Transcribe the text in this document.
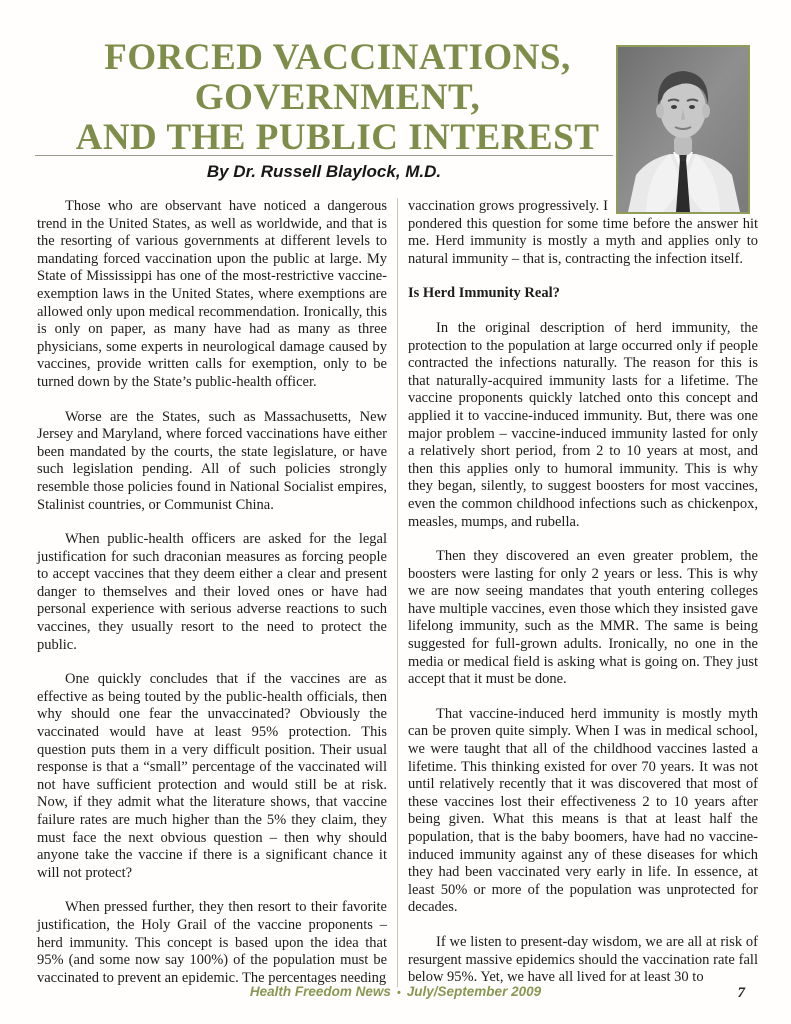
FORCED VACCINATIONS,
GOVERNMENT,
AND THE PUBLIC INTEREST
By Dr. Russell Blaylock, M.D.

Those who are observant have noticed a dangerous trend in the United States, as well as worldwide, and that is the resorting of various governments at different levels to mandating forced vaccination upon the public at large. My State of Mississippi has one of the most-restrictive vaccine-exemption laws in the United States, where exemptions are allowed only upon medical recommendation. Ironically, this is only on paper, as many have had as many as three physicians, some experts in neurological damage caused by vaccines, provide written calls for exemption, only to be turned down by the State’s public-health officer.

Worse are the States, such as Massachusetts, New Jersey and Maryland, where forced vaccinations have either been mandated by the courts, the state legislature, or have such legislation pending. All of such policies strongly resemble those policies found in National Socialist empires, Stalinist countries, or Communist China.

When public-health officers are asked for the legal justification for such draconian measures as forcing people to accept vaccines that they deem either a clear and present danger to themselves and their loved ones or have had personal experience with serious adverse reactions to such vaccines, they usually resort to the need to protect the public.

One quickly concludes that if the vaccines are as effective as being touted by the public-health officials, then why should one fear the unvaccinated? Obviously the vaccinated would have at least 95% protection. This question puts them in a very difficult position. Their usual response is that a “small” percentage of the vaccinated will not have sufficient protection and would still be at risk. Now, if they admit what the literature shows, that vaccine failure rates are much higher than the 5% they claim, they must face the next obvious question – then why should anyone take the vaccine if there is a significant chance it will not protect?

When pressed further, they then resort to their favorite justification, the Holy Grail of the vaccine proponents – herd immunity. This concept is based upon the idea that 95% (and some now say 100%) of the population must be vaccinated to prevent an epidemic. The percentages needing

vaccination grows progressively. I pondered this question for some time before the answer hit me. Herd immunity is mostly a myth and applies only to natural immunity – that is, contracting the infection itself.

Is Herd Immunity Real?

In the original description of herd immunity, the protection to the population at large occurred only if people contracted the infections naturally. The reason for this is that naturally-acquired immunity lasts for a lifetime. The vaccine proponents quickly latched onto this concept and applied it to vaccine-induced immunity. But, there was one major problem – vaccine-induced immunity lasted for only a relatively short period, from 2 to 10 years at most, and then this applies only to humoral immunity. This is why they began, silently, to suggest boosters for most vaccines, even the common childhood infections such as chickenpox, measles, mumps, and rubella.

Then they discovered an even greater problem, the boosters were lasting for only 2 years or less. This is why we are now seeing mandates that youth entering colleges have multiple vaccines, even those which they insisted gave lifelong immunity, such as the MMR. The same is being suggested for full-grown adults. Ironically, no one in the media or medical field is asking what is going on. They just accept that it must be done.

That vaccine-induced herd immunity is mostly myth can be proven quite simply. When I was in medical school, we were taught that all of the childhood vaccines lasted a lifetime. This thinking existed for over 70 years. It was not until relatively recently that it was discovered that most of these vaccines lost their effectiveness 2 to 10 years after being given. What this means is that at least half the population, that is the baby boomers, have had no vaccine-induced immunity against any of these diseases for which they had been vaccinated very early in life. In essence, at least 50% or more of the population was unprotected for decades.

If we listen to present-day wisdom, we are all at risk of resurgent massive epidemics should the vaccination rate fall below 95%. Yet, we have all lived for at least 30 to

Health Freedom News • July/September 2009	7
